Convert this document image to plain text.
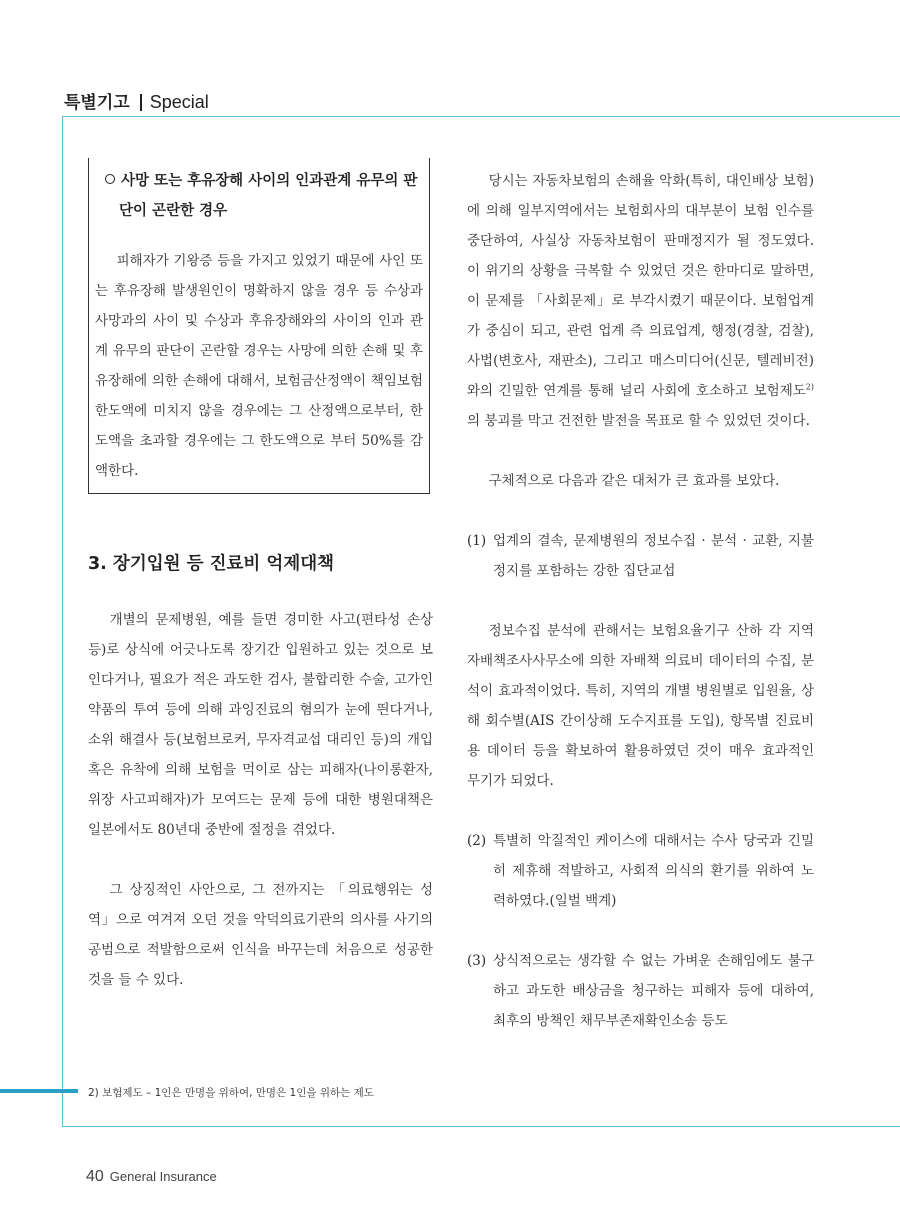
특별기고 Special
사망 또는 후유장해 사이의 인과관계 유무의 판단이 곤란한 경우

피해자가 기왕증 등을 가지고 있었기 때문에 사인 또는 후유장해 발생원인이 명확하지 않을 경우 등 수상과 사망과의 사이 및 수상과 후유장해와의 사이의 인과 관계 유무의 판단이 곤란할 경우는 사망에 의한 손해 및 후유장해에 의한 손해에 대해서, 보험금산정액이 책임보험 한도액에 미치지 않을 경우에는 그 산정액으로부터, 한도액을 초과할 경우에는 그 한도액으로 부터 50%를 감액한다.

3. 장기입원 등 진료비 억제대책

개별의 문제병원, 예를 들면 경미한 사고(편타성 손상 등)로 상식에 어긋나도록 장기간 입원하고 있는 것으로 보인다거나, 필요가 적은 과도한 검사, 불합리한 수술, 고가인 약품의 투여 등에 의해 과잉진료의 혐의가 눈에 띈다거나, 소위 해결사 등(보험브로커, 무자격교섭 대리인 등)의 개입 혹은 유착에 의해 보험을 먹이로 삼는 피해자(나이롱환자, 위장 사고피해자)가 모여드는 문제 등에 대한 병원대책은 일본에서도 80년대 중반에 절정을 겪었다.

그 상징적인 사안으로, 그 전까지는 「의료행위는 성역」으로 여겨져 오던 것을 악덕의료기관의 의사를 사기의 공범으로 적발함으로써 인식을 바꾸는데 처음으로 성공한 것을 들 수 있다.

당시는 자동차보험의 손해율 악화(특히, 대인배상 보험)에 의해 일부지역에서는 보험회사의 대부분이 보험 인수를 중단하여, 사실상 자동차보험이 판매정지가 될 정도였다. 이 위기의 상황을 극복할 수 있었던 것은 한마디로 말하면, 이 문제를 「사회문제」로 부각시켰기 때문이다. 보험업계가 중심이 되고, 관련 업계 즉 의료업계, 행정(경찰, 검찰), 사법(변호사, 재판소), 그리고 매스미디어(신문, 텔레비전)와의 긴밀한 연계를 통해 널리 사회에 호소하고 보험제도$^{2)}$의 붕괴를 막고 건전한 발전을 목표로 할 수 있었던 것이다.

구체적으로 다음과 같은 대처가 큰 효과를 보았다.

(1) 업계의 결속, 문제병원의 정보수집 · 분석 · 교환, 지불 정지를 포함하는 강한 집단교섭

정보수집 분석에 관해서는 보험요율기구 산하 각 지역 자배책조사사무소에 의한 자배책 의료비 데이터의 수집, 분석이 효과적이었다. 특히, 지역의 개별 병원별로 입원율, 상해 회수별(AIS 간이상해 도수지표를 도입), 항목별 진료비용 데이터 등을 확보하여 활용하였던 것이 매우 효과적인 무기가 되었다.

(2) 특별히 악질적인 케이스에 대해서는 수사 당국과 긴밀히 제휴해 적발하고, 사회적 의식의 환기를 위하여 노력하였다.(일벌 백계)

(3) 상식적으로는 생각할 수 없는 가벼운 손해임에도 불구하고 과도한 배상금을 청구하는 피해자 등에 대하여, 최후의 방책인 채무부존재확인소송 등도

2) 보험제도 – 1인은 만명을 위하여, 만명은 1인을 위하는 제도
40 General Insurance
